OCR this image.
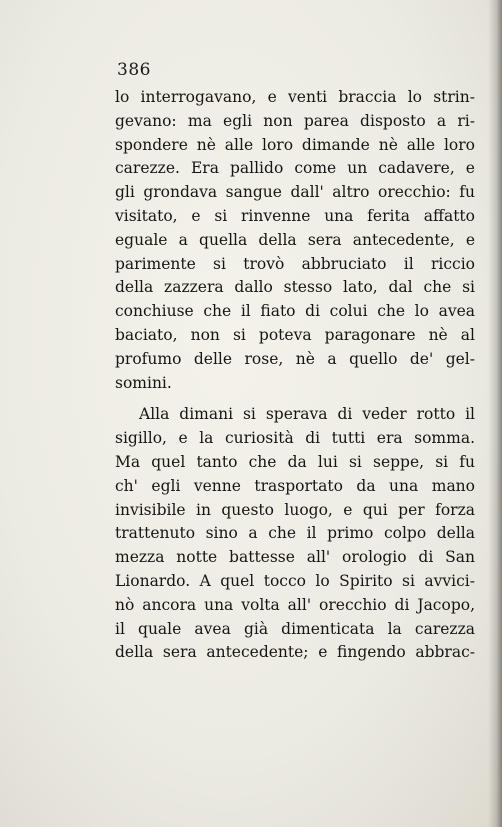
386
lo interrogavano, e venti braccia lo strin-
gevano: ma egli non parea disposto a ri-
spondere nè alle loro dimande nè alle loro
carezze. Era pallido come un cadavere, e
gli grondava sangue dall' altro orecchio: fu
visitato, e si rinvenne una ferita affatto
eguale a quella della sera antecedente, e
parimente si trovò abbruciato il riccio
della zazzera dallo stesso lato, dal che si
conchiuse che il fiato di colui che lo avea
baciato, non si poteva paragonare nè al
profumo delle rose, nè a quello de' gel-
somini.
Alla dimani si sperava di veder rotto il
sigillo, e la curiosità di tutti era somma.
Ma quel tanto che da lui si seppe, si fu
ch' egli venne trasportato da una mano
invisibile in questo luogo, e qui per forza
trattenuto sino a che il primo colpo della
mezza notte battesse all' orologio di San
Lionardo. A quel tocco lo Spirito si avvici-
nò ancora una volta all' orecchio di Jacopo,
il quale avea già dimenticata la carezza
della sera antecedente; e fingendo abbrac-
